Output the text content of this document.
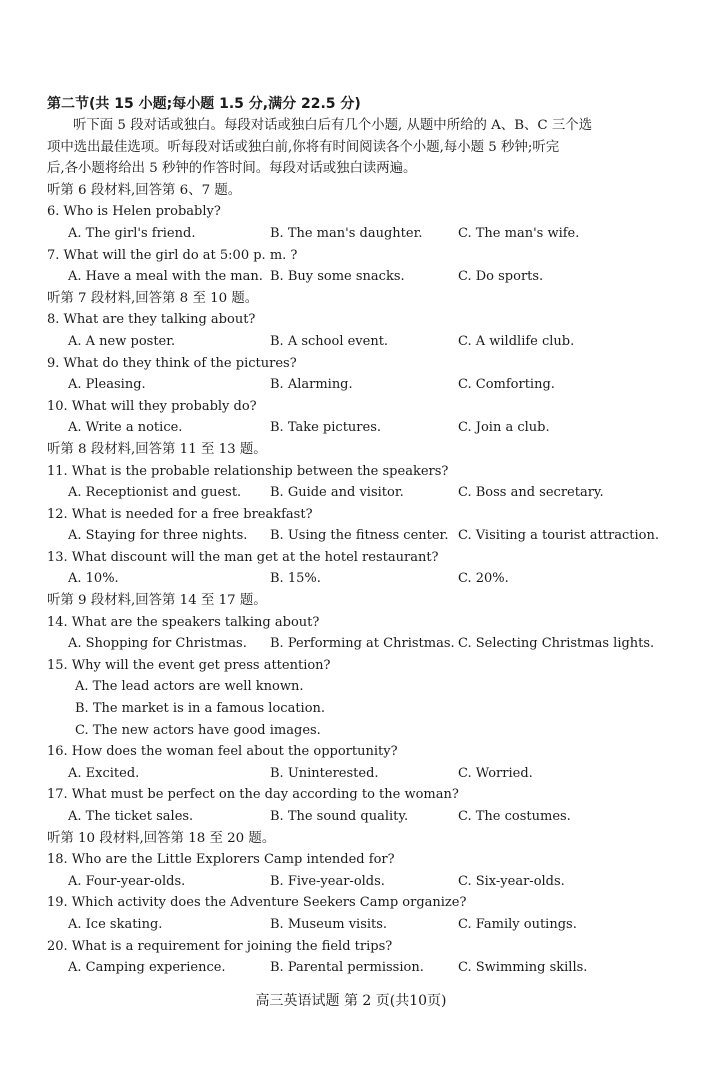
第二节(共 15 小题;每小题 1.5 分,满分 22.5 分)
听下面 5 段对话或独白。每段对话或独白后有几个小题, 从题中所给的 A、B、C 三个选
项中选出最佳选项。听每段对话或独白前,你将有时间阅读各个小题,每小题 5 秒钟;听完
后,各小题将给出 5 秒钟的作答时间。每段对话或独白读两遍。
听第 6 段材料,回答第 6、7 题。
6. Who is Helen probably?
A. The girl's friend.	B. The man's daughter.	C. The man's wife.
7. What will the girl do at 5:00 p. m. ?
A. Have a meal with the man. B. Buy some snacks.	C. Do sports.
听第 7 段材料,回答第 8 至 10 题。
8. What are they talking about?
A. A new poster.	B. A school event.	C. A wildlife club.
9. What do they think of the pictures?
A. Pleasing.	B. Alarming.	C. Comforting.
10. What will they probably do?
A. Write a notice.	B. Take pictures.	C. Join a club.
听第 8 段材料,回答第 11 至 13 题。
11. What is the probable relationship between the speakers?
A. Receptionist and guest. B. Guide and visitor.	C. Boss and secretary.
12. What is needed for a free breakfast?
A. Staying for three nights. B. Using the fitness center. C. Visiting a tourist attraction.
13. What discount will the man get at the hotel restaurant?
A. 10%.	B. 15%.	C. 20%.
听第 9 段材料,回答第 14 至 17 题。
14. What are the speakers talking about?
A. Shopping for Christmas. B. Performing at Christmas. C. Selecting Christmas lights.
15. Why will the event get press attention?
A. The lead actors are well known.
B. The market is in a famous location.
C. The new actors have good images.
16. How does the woman feel about the opportunity?
A. Excited.	B. Uninterested.	C. Worried.
17. What must be perfect on the day according to the woman?
A. The ticket sales.	B. The sound quality.	C. The costumes.
听第 10 段材料,回答第 18 至 20 题。
18. Who are the Little Explorers Camp intended for?
A. Four-year-olds.	B. Five-year-olds.	C. Six-year-olds.
19. Which activity does the Adventure Seekers Camp organize?
A. Ice skating.	B. Museum visits.	C. Family outings.
20. What is a requirement for joining the field trips?
A. Camping experience.	B. Parental permission.	C. Swimming skills.
高三英语试题 第 2 页(共10页)
